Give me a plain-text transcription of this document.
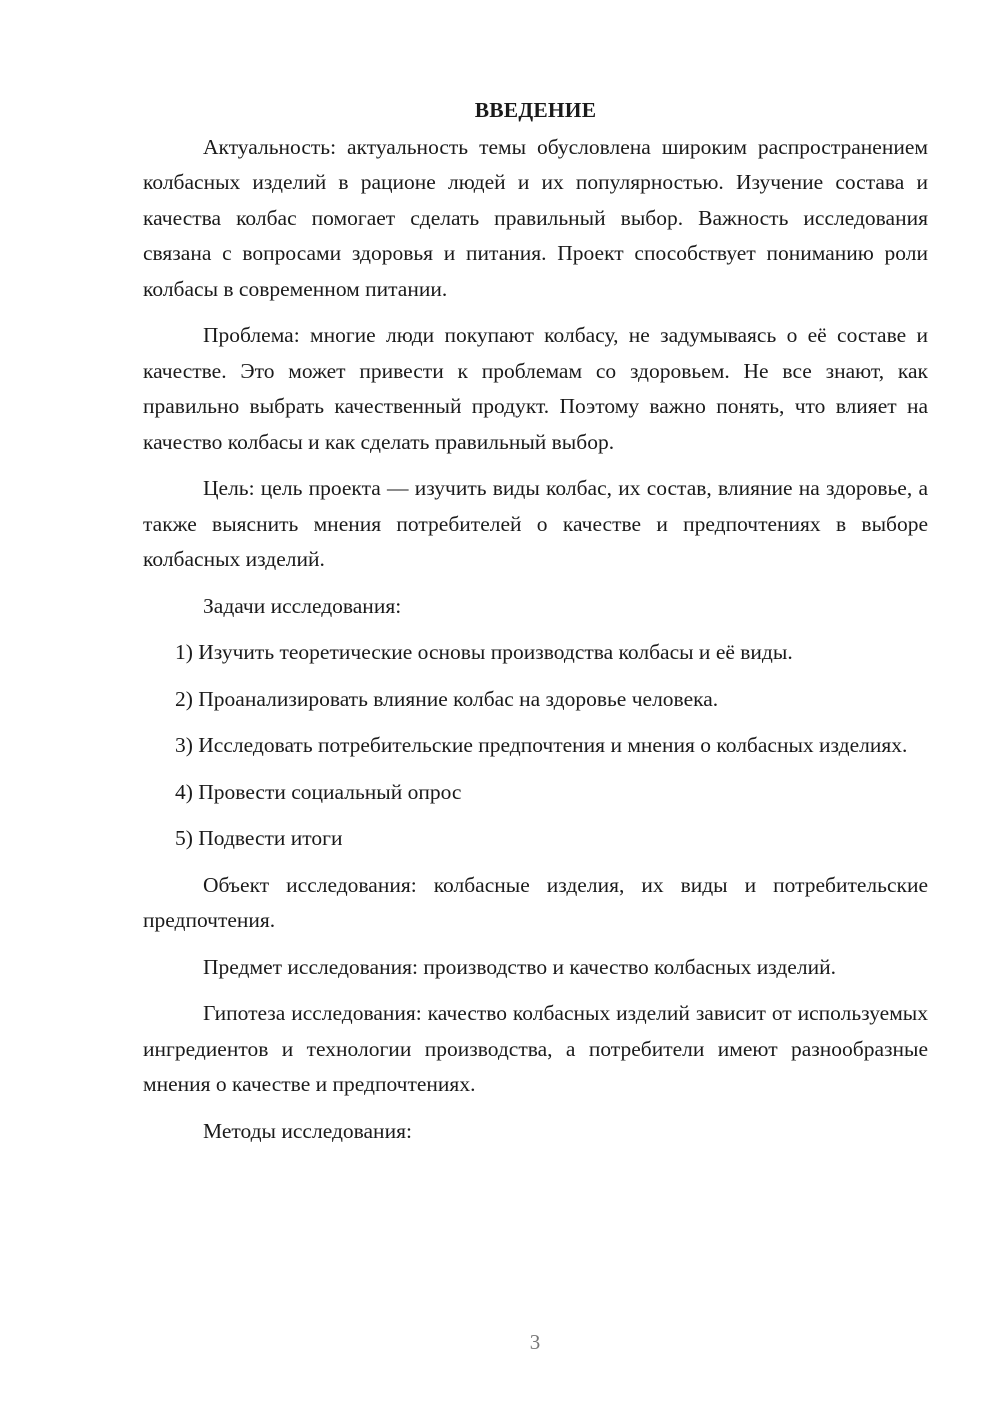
ВВЕДЕНИЕ

Актуальность: актуальность темы обусловлена широким распространением колбасных изделий в рационе людей и их популярностью. Изучение состава и качества колбас помогает сделать правильный выбор. Важность исследования связана с вопросами здоровья и питания. Проект способствует пониманию роли колбасы в современном питании.

Проблема: многие люди покупают колбасу, не задумываясь о её составе и качестве. Это может привести к проблемам со здоровьем. Не все знают, как правильно выбрать качественный продукт. Поэтому важно понять, что влияет на качество колбасы и как сделать правильный выбор.

Цель: цель проекта — изучить виды колбас, их состав, влияние на здоровье, а также выяснить мнения потребителей о качестве и предпочтениях в выборе колбасных изделий.

Задачи исследования:

1) Изучить теоретические основы производства колбасы и её виды.

2) Проанализировать влияние колбас на здоровье человека.

3) Исследовать потребительские предпочтения и мнения о колбасных изделиях.

4) Провести социальный опрос

5) Подвести итоги

Объект исследования: колбасные изделия, их виды и потребительские предпочтения.

Предмет исследования: производство и качество колбасных изделий.

Гипотеза исследования: качество колбасных изделий зависит от используемых ингредиентов и технологии производства, а потребители имеют разнообразные мнения о качестве и предпочтениях.

Методы исследования:

3
